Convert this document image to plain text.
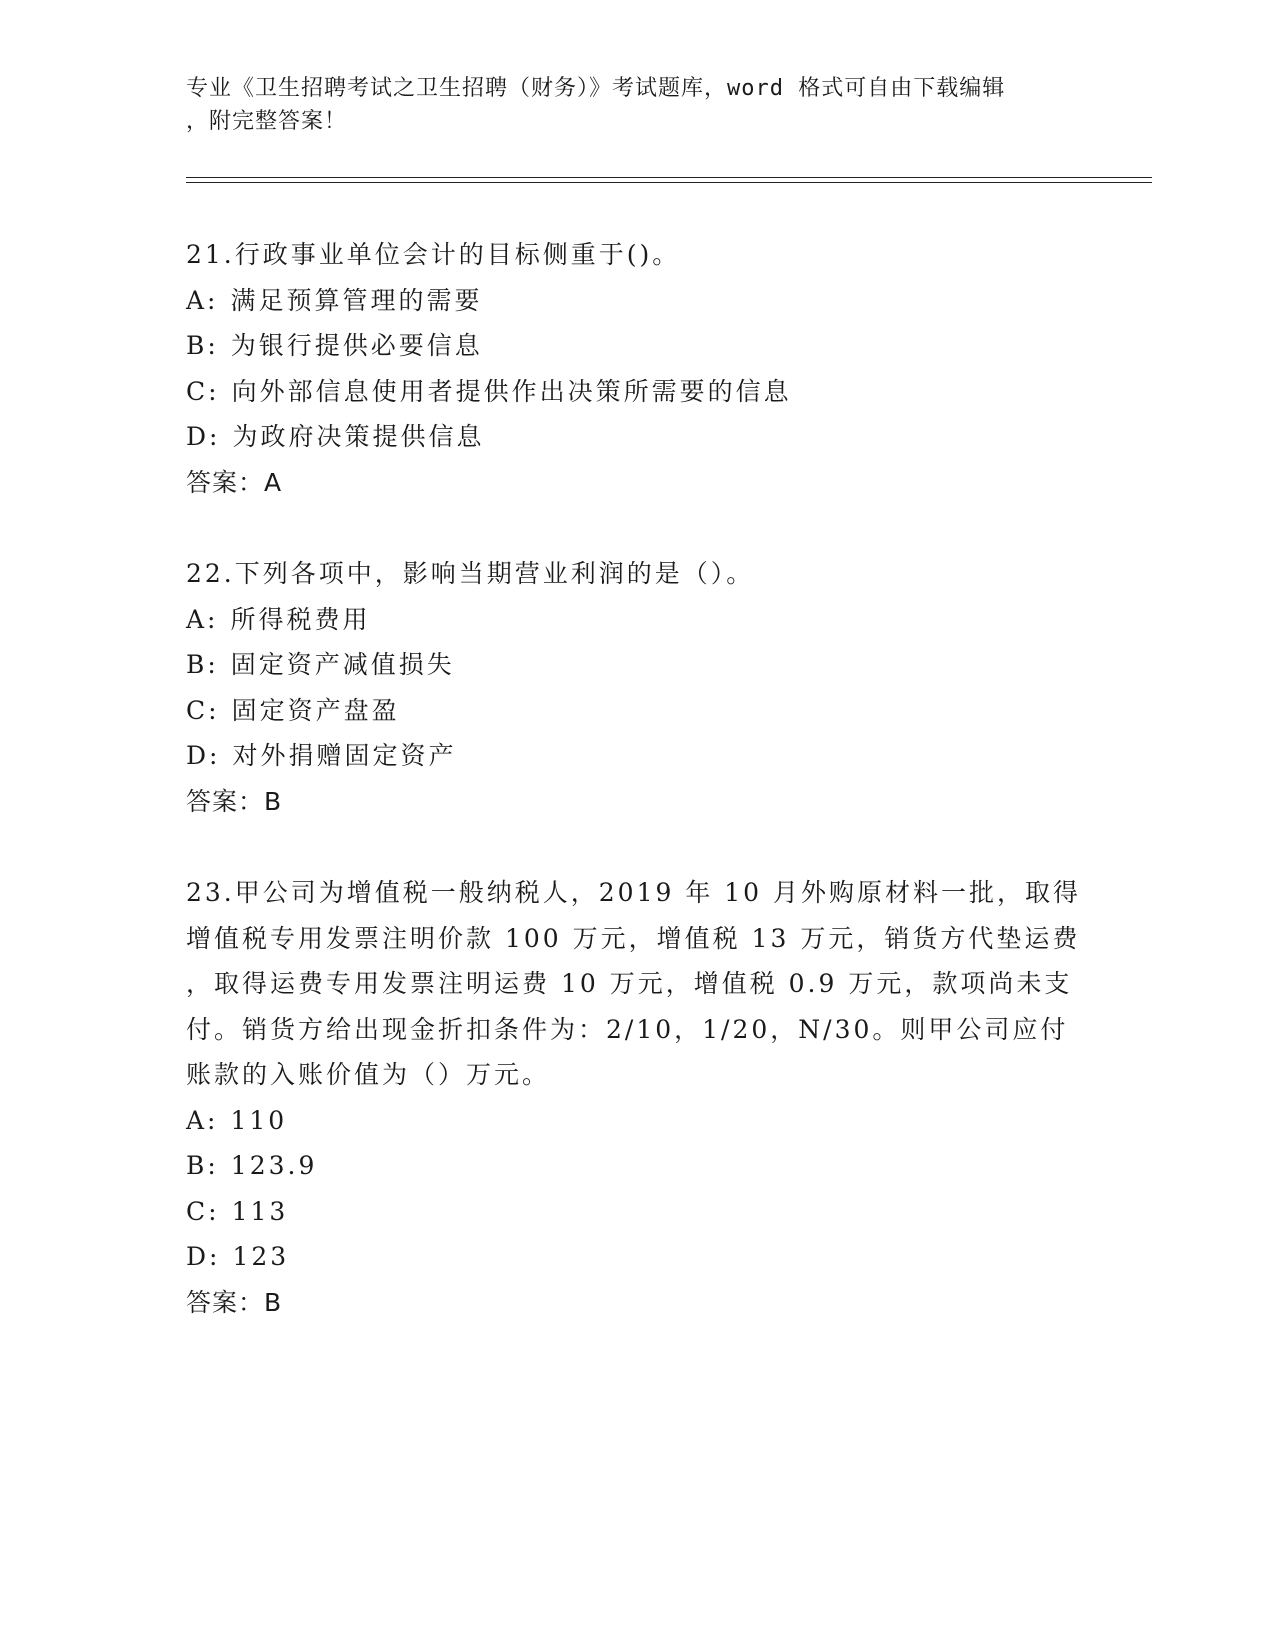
专业《卫生招聘考试之卫生招聘（财务）》考试题库，word 格式可自由下载编辑
，附完整答案！
21.行政事业单位会计的目标侧重于()。
A: 满足预算管理的需要
B: 为银行提供必要信息
C: 向外部信息使用者提供作出决策所需要的信息
D: 为政府决策提供信息
答案：A
22.下列各项中，影响当期营业利润的是（）。
A: 所得税费用
B: 固定资产减值损失
C: 固定资产盘盈
D: 对外捐赠固定资产
答案：B
23.甲公司为增值税一般纳税人，2019 年 10 月外购原材料一批，取得
增值税专用发票注明价款 100 万元，增值税 13 万元，销货方代垫运费
，取得运费专用发票注明运费 10 万元，增值税 0.9 万元，款项尚未支
付。销货方给出现金折扣条件为：2/10，1/20，N/30。则甲公司应付
账款的入账价值为（）万元。
A: 110
B: 123.9
C: 113
D: 123
答案：B
